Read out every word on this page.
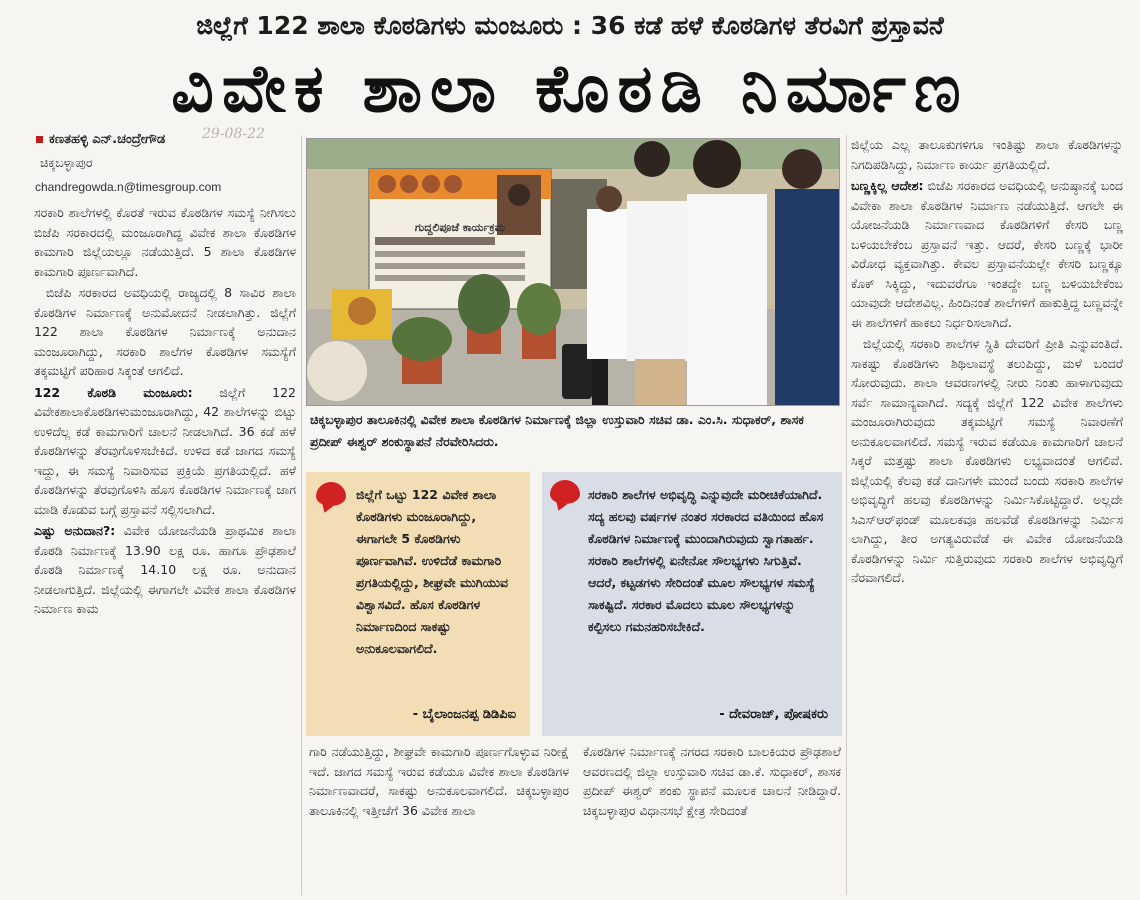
ಜಿಲ್ಲೆಗೆ 122 ಶಾಲಾ ಕೊಠಡಿಗಳು ಮಂಜೂರು : 36 ಕಡೆ ಹಳೆ ಕೊಠಡಿಗಳ ತೆರವಿಗೆ ಪ್ರಸ್ತಾವನೆ
ವಿವೇಕ ಶಾಲಾ ಕೊಠಡಿ ನಿರ್ಮಾಣ
ಕಣತಹಳ್ಳಿ ಎನ್.ಚಂದ್ರೇಗೌಡ	29-08-22
ಚಿಕ್ಕಬಳ್ಳಾಪುರ
chandregowda.n@timesgroup.com

ಸರಕಾರಿ ಶಾಲೆಗಳಲ್ಲಿ ಕೊರತೆ ಇರುವ ಕೊಠಡಿಗಳ ಸಮಸ್ಯೆ ನೀಗಿಸಲು ಬಿಜೆಪಿ ಸರಕಾರದಲ್ಲಿ ಮಂಜೂರಾಗಿದ್ದ ವಿವೇಕ ಶಾಲಾ ಕೊಠಡಿಗಳ ಕಾಮಗಾರಿ ಜಿಲ್ಲೆಯಲ್ಲೂ ನಡೆಯುತ್ತಿದೆ. 5 ಶಾಲಾ ಕೊಠಡಿಗಳ ಕಾಮಗಾರಿ ಪೂರ್ಣವಾಗಿದೆ.

ಬಿಜೆಪಿ ಸರಕಾರದ ಅವಧಿಯಲ್ಲಿ ರಾಜ್ಯದಲ್ಲಿ 8 ಸಾವಿರ ಶಾಲಾ ಕೊಠಡಿಗಳ ನಿರ್ಮಾಣಕ್ಕೆ ಅನುಮೋದನೆ ನೀಡಲಾಗಿತ್ತು. ಜಿಲ್ಲೆಗೆ 122 ಶಾಲಾ ಕೊಠಡಿಗಳ ನಿರ್ಮಾಣಕ್ಕೆ ಅನುದಾನ ಮಂಜೂರಾಗಿದ್ದು, ಸರಕಾರಿ ಶಾಲೆಗಳ ಕೊಠಡಿಗಳ ಸಮಸ್ಯೆಗೆ ತಕ್ಕಮಟ್ಟಿಗೆ ಪರಿಹಾರ ಸಿಕ್ಕಂತೆ ಆಗಲಿದೆ.

122 ಕೊಠಡಿ ಮಂಜೂರು: ಜಿಲ್ಲೆಗೆ 122 ವಿವೇಕಶಾಲಾಕೊಠಡಿಗಳುಮಂಜೂರಾಗಿದ್ದು, 42 ಶಾಲೆಗಳನ್ನು ಬಿಟ್ಟು ಉಳಿದೆಲ್ಲ ಕಡೆ ಕಾಮಗಾರಿಗೆ ಚಾಲನೆ ನೀಡಲಾಗಿದೆ. 36 ಕಡೆ ಹಳೆ ಕೊಠಡಿಗಳನ್ನು ತೆರವುಗೊಳಿಸಬೇಕಿದೆ. ಉಳಿದ ಕಡೆ ಜಾಗದ ಸಮಸ್ಯೆ ಇದ್ದು, ಈ ಸಮಸ್ಯೆ ನಿವಾರಿಸುವ ಪ್ರಕ್ರಿಯೆ ಪ್ರಗತಿಯಲ್ಲಿದೆ. ಹಳೆ ಕೊಠಡಿಗಳನ್ನು ತೆರವುಗೊಳಿಸಿ ಹೊಸ ಕೊಠಡಿಗಳ ನಿರ್ಮಾಣಕ್ಕೆ ಜಾಗ ಮಾಡಿ ಕೊಡುವ ಬಗ್ಗೆ ಪ್ರಸ್ತಾವನೆ ಸಲ್ಲಿಸಲಾಗಿದೆ.

ಎಷ್ಟು ಅನುದಾನ?: ವಿವೇಕ ಯೋಜನೆಯಡಿ ಪ್ರಾಥಮಿಕ ಶಾಲಾ ಕೊಠಡಿ ನಿರ್ಮಾಣಕ್ಕೆ 13.90 ಲಕ್ಷ ರೂ. ಹಾಗೂ ಪ್ರೌಢಶಾಲೆ ಕೊಠಡಿ ನಿರ್ಮಾಣಕ್ಕೆ 14.10 ಲಕ್ಷ ರೂ. ಅನುದಾನ ನೀಡಲಾಗುತ್ತಿದೆ. ಜಿಲ್ಲೆಯಲ್ಲಿ ಈಗಾಗಲೇ ವಿವೇಕ ಶಾಲಾ ಕೊಠಡಿಗಳ ನಿರ್ಮಾಣ ಕಾಮ

ಗುದ್ದಲಿಪೂಜೆ ಕಾರ್ಯಕ್ರಮ
ಚಿಕ್ಕಬಳ್ಳಾಪುರ ತಾಲೂಕಿನಲ್ಲಿ ವಿವೇಕ ಶಾಲಾ ಕೊಠಡಿಗಳ ನಿರ್ಮಾಣಕ್ಕೆ ಜಿಲ್ಲಾ ಉಸ್ತುವಾರಿ ಸಚಿವ ಡಾ. ಎಂ.ಸಿ. ಸುಧಾಕರ್, ಶಾಸಕ ಪ್ರದೀಪ್ ಈಶ್ವರ್ ಶಂಕುಸ್ಥಾಪನೆ ನೆರವೇರಿಸಿದರು.
ಜಿಲ್ಲೆಗೆ ಒಟ್ಟು 122 ವಿವೇಕ ಶಾಲಾ ಕೊಠಡಿಗಳು ಮಂಜೂರಾಗಿದ್ದು, ಈಗಾಗಲೇ 5 ಕೊಠಡಿಗಳು ಪೂರ್ಣವಾಗಿವೆ. ಉಳಿದೆಡೆ ಕಾಮಗಾರಿ ಪ್ರಗತಿಯಲ್ಲಿದ್ದು, ಶೀಘ್ರವೇ ಮುಗಿಯುವ ವಿಶ್ವಾಸವಿದೆ. ಹೊಸ ಕೊಠಡಿಗಳ ನಿರ್ಮಾಣದಿಂದ ಸಾಕಷ್ಟು ಅನುಕೂಲವಾಗಲಿದೆ.
- ಬೈಲಾಂಜನಪ್ಪ ಡಿಡಿಪಿಐ
ಸರಕಾರಿ ಶಾಲೆಗಳ ಅಭಿವೃದ್ಧಿ ಎನ್ನುವುದೇ ಮರೀಚಿಕೆಯಾಗಿದೆ. ಸದ್ಯ ಹಲವು ವರ್ಷಗಳ ನಂತರ ಸರಕಾರದ ವತಿಯಿಂದ ಹೊಸ ಕೊಠಡಿಗಳ ನಿರ್ಮಾಣಕ್ಕೆ ಮುಂದಾಗಿರುವುದು ಸ್ವಾಗತಾರ್ಹ. ಸರಕಾರಿ ಶಾಲೆಗಳಲ್ಲಿ ಏನೇನೋ ಸೌಲಭ್ಯಗಳು ಸಿಗುತ್ತಿವೆ. ಆದರೆ, ಕಟ್ಟಡಗಳು ಸೇರಿದಂತೆ ಮೂಲ ಸೌಲಭ್ಯಗಳ ಸಮಸ್ಯೆ ಸಾಕಷ್ಟಿದೆ. ಸರಕಾರ ಮೊದಲು ಮೂಲ ಸೌಲಭ್ಯಗಳನ್ನು ಕಲ್ಪಿಸಲು ಗಮನಹರಿಸಬೇಕಿದೆ.
- ದೇವರಾಜ್, ಪೋಷಕರು

ಗಾರಿ ನಡೆಯುತ್ತಿದ್ದು, ಶೀಘ್ರವೇ ಕಾಮಗಾರಿ ಪೂರ್ಣಗೊಳ್ಳುವ ನಿರೀಕ್ಷೆ ಇದೆ. ಜಾಗದ ಸಮಸ್ಯೆ ಇರುವ ಕಡೆಯೂ ವಿವೇಕ ಶಾಲಾ ಕೊಠಡಿಗಳ ನಿರ್ಮಾಣವಾದರೆ, ಸಾಕಷ್ಟು ಅನುಕೂಲವಾಗಲಿದೆ. ಚಿಕ್ಕಬಳ್ಳಾಪುರ ತಾಲೂಕಿನಲ್ಲಿ ಇತ್ತೀಚೆಗೆ 36 ವಿವೇಕ ಶಾಲಾ

ಕೊಠಡಿಗಳ ನಿರ್ಮಾಣಕ್ಕೆ ನಗರದ ಸರಕಾರಿ ಬಾಲಕಿಯರ ಪ್ರೌಢಶಾಲೆ ಆವರಣದಲ್ಲಿ ಜಿಲ್ಲಾ ಉಸ್ತುವಾರಿ ಸಚಿವ ಡಾ.ಕೆ. ಸುಧಾಕರ್, ಶಾಸಕ ಪ್ರದೀಪ್ ಈಶ್ವರ್ ಶಂಕು ಸ್ಥಾಪನೆ ಮೂಲಕ ಚಾಲನೆ ನೀಡಿದ್ದಾರೆ. ಚಿಕ್ಕಬಳ್ಳಾಪುರ ವಿಧಾನಸಭೆ ಕ್ಷೇತ್ರ ಸೇರಿದಂತೆ

ಜಿಲ್ಲೆಯ ಎಲ್ಲ ತಾಲೂಕುಗಳಿಗೂ ಇಂತಿಷ್ಟು ಶಾಲಾ ಕೊಠಡಿಗಳನ್ನು ನಿಗದಿಪಡಿಸಿದ್ದು, ನಿರ್ಮಾಣ ಕಾರ್ಯ ಪ್ರಗತಿಯಲ್ಲಿದೆ.

ಬಣ್ಣಕ್ಕಿಲ್ಲ ಆದೇಶ: ಬಿಜೆಪಿ ಸರಕಾರದ ಅವಧಿಯಲ್ಲಿ ಅನುಷ್ಠಾನಕ್ಕೆ ಬಂದ ವಿವೇಕಾ ಶಾಲಾ ಕೊಠಡಿಗಳ ನಿರ್ಮಾಣ ನಡೆಯುತ್ತಿದೆ. ಆಗಲೇ ಈ ಯೋಜನೆಯಡಿ ನಿರ್ಮಾಣವಾದ ಕೊಠಡಿಗಳಿಗೆ ಕೇಸರಿ ಬಣ್ಣ ಬಳಿಯಬೇಕೆಂಬ ಪ್ರಸ್ತಾವನೆ ಇತ್ತು. ಆದರೆ, ಕೇಸರಿ ಬಣ್ಣಕ್ಕೆ ಭಾರೀ ವಿರೋಧ ವ್ಯಕ್ತವಾಗಿತ್ತು. ಕೇವಲ ಪ್ರಸ್ತಾವನೆಯಲ್ಲೇ ಕೇಸರಿ ಬಣ್ಣಕ್ಕೂ ಕೊಕ್ ಸಿಕ್ಕಿದ್ದು, ಇದುವರೆಗೂ ಇಂತದ್ದೇ ಬಣ್ಣ ಬಳಿಯಬೇಕೆಂಬ ಯಾವುದೇ ಆದೇಶವಿಲ್ಲ. ಹಿಂದಿನಂತೆ ಶಾಲೆಗಳಿಗೆ ಹಾಕುತ್ತಿದ್ದ ಬಣ್ಣವನ್ನೇ ಈ ಶಾಲೆಗಳಿಗೆ ಹಾಕಲು ನಿರ್ಧರಿಸಲಾಗಿದೆ.

ಜಿಲ್ಲೆಯಲ್ಲಿ ಸರಕಾರಿ ಶಾಲೆಗಳ ಸ್ಥಿತಿ ದೇವರಿಗೆ ಪ್ರೀತಿ ಎನ್ನುವಂತಿದೆ. ಸಾಕಷ್ಟು ಕೊಠಡಿಗಳು ಶಿಥಿಲಾವಸ್ಥೆ ತಲುಪಿದ್ದು, ಮಳೆ ಬಂದರೆ ಸೋರುವುದು. ಶಾಲಾ ಆವರಣಗಳಲ್ಲಿ ನೀರು ನಿಂತು ಹಾಳಾಗುವುದು ಸರ್ವೆ ಸಾಮಾನ್ಯವಾಗಿದೆ. ಸದ್ಯಕ್ಕೆ ಜಿಲ್ಲೆಗೆ 122 ವಿವೇಕ ಶಾಲೆಗಳು ಮಂಜೂರಾಗಿರುವುದು ತಕ್ಕಮಟ್ಟಿಗೆ ಸಮಸ್ಯೆ ನಿವಾರಣೆಗೆ ಅನುಕೂಲವಾಗಲಿದೆ. ಸಮಸ್ಯೆ ಇರುವ ಕಡೆಯೂ ಕಾಮಗಾರಿಗೆ ಚಾಲನೆ ಸಿಕ್ಕರೆ ಮತ್ತಷ್ಟು ಶಾಲಾ ಕೊಠಡಿಗಳು ಲಭ್ಯವಾದಂತೆ ಆಗಲಿವೆ. ಜಿಲ್ಲೆಯಲ್ಲಿ ಕೆಲವು ಕಡೆ ದಾನಿಗಳೇ ಮುಂದೆ ಬಂದು ಸರಕಾರಿ ಶಾಲೆಗಳ ಅಭಿವೃದ್ಧಿಗೆ ಹಲವು ಕೊಠಡಿಗಳನ್ನು ನಿರ್ಮಿಸಿಕೊಟ್ಟಿದ್ದಾರೆ. ಅಲ್ಲದೇ ಸಿಎಸ್‌ಆರ್‌ಫಂಡ್ ಮೂಲಕವೂ ಹಲವೆಡೆ ಕೊಠಡಿಗಳನ್ನು ನಿರ್ಮಿಸ ಲಾಗಿದ್ದು, ತೀರ ಅಗತ್ಯವಿರುವೆಡೆ ಈ ವಿವೇಕ ಯೋಜನೆಯಡಿ ಕೊಠಡಿಗಳನ್ನು ನಿರ್ಮಿ ಸುತ್ತಿರುವುದು ಸರಕಾರಿ ಶಾಲೆಗಳ ಅಭಿವೃದ್ಧಿಗೆ ನೆರವಾಗಲಿದೆ.
